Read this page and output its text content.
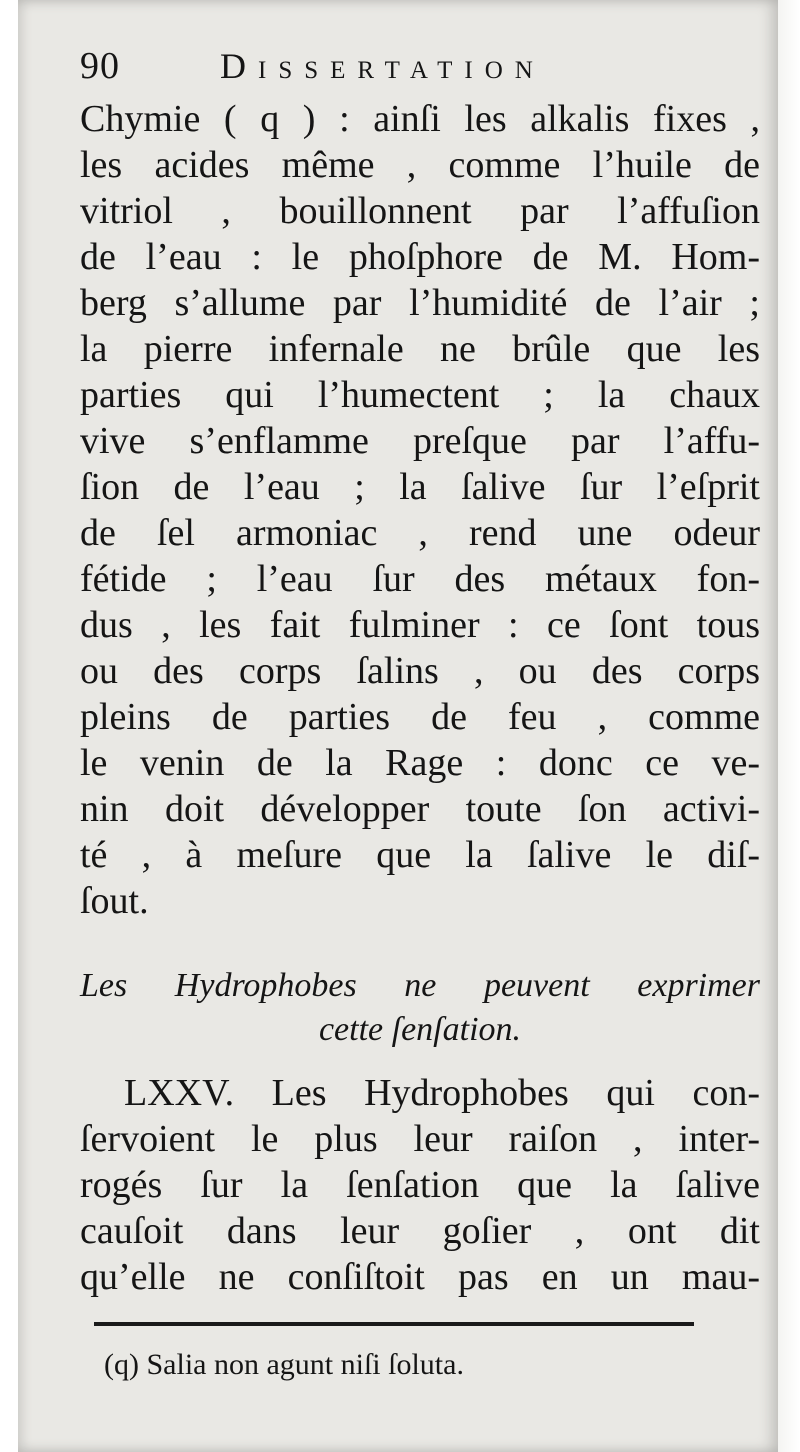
90	Dissertation
Chymie ( q ) : ainſi les alkalis fixes ,
les acides même , comme l’huile de
vitriol , bouillonnent par l’affuſion
de l’eau : le phoſphore de M. Hom-
berg s’allume par l’humidité de l’air ;
la pierre infernale ne brûle que les
parties qui l’humectent ; la chaux
vive s’enflamme preſque par l’affu-
ſion de l’eau ; la ſalive ſur l’eſprit
de ſel armoniac , rend une odeur
fétide ; l’eau ſur des métaux fon-
dus , les fait fulminer : ce ſont tous
ou des corps ſalins , ou des corps
pleins de parties de feu , comme
le venin de la Rage : donc ce ve-
nin doit développer toute ſon activi-
té , à meſure que la ſalive le diſ-
ſout.
Les Hydrophobes ne peuvent exprimer
cette ſenſation.
LXXV. Les Hydrophobes qui con-
ſervoient le plus leur raiſon , inter-
rogés ſur la ſenſation que la ſalive
cauſoit dans leur goſier , ont dit
qu’elle ne conſiſtoit pas en un mau-
(q) Salia non agunt niſi ſoluta.
